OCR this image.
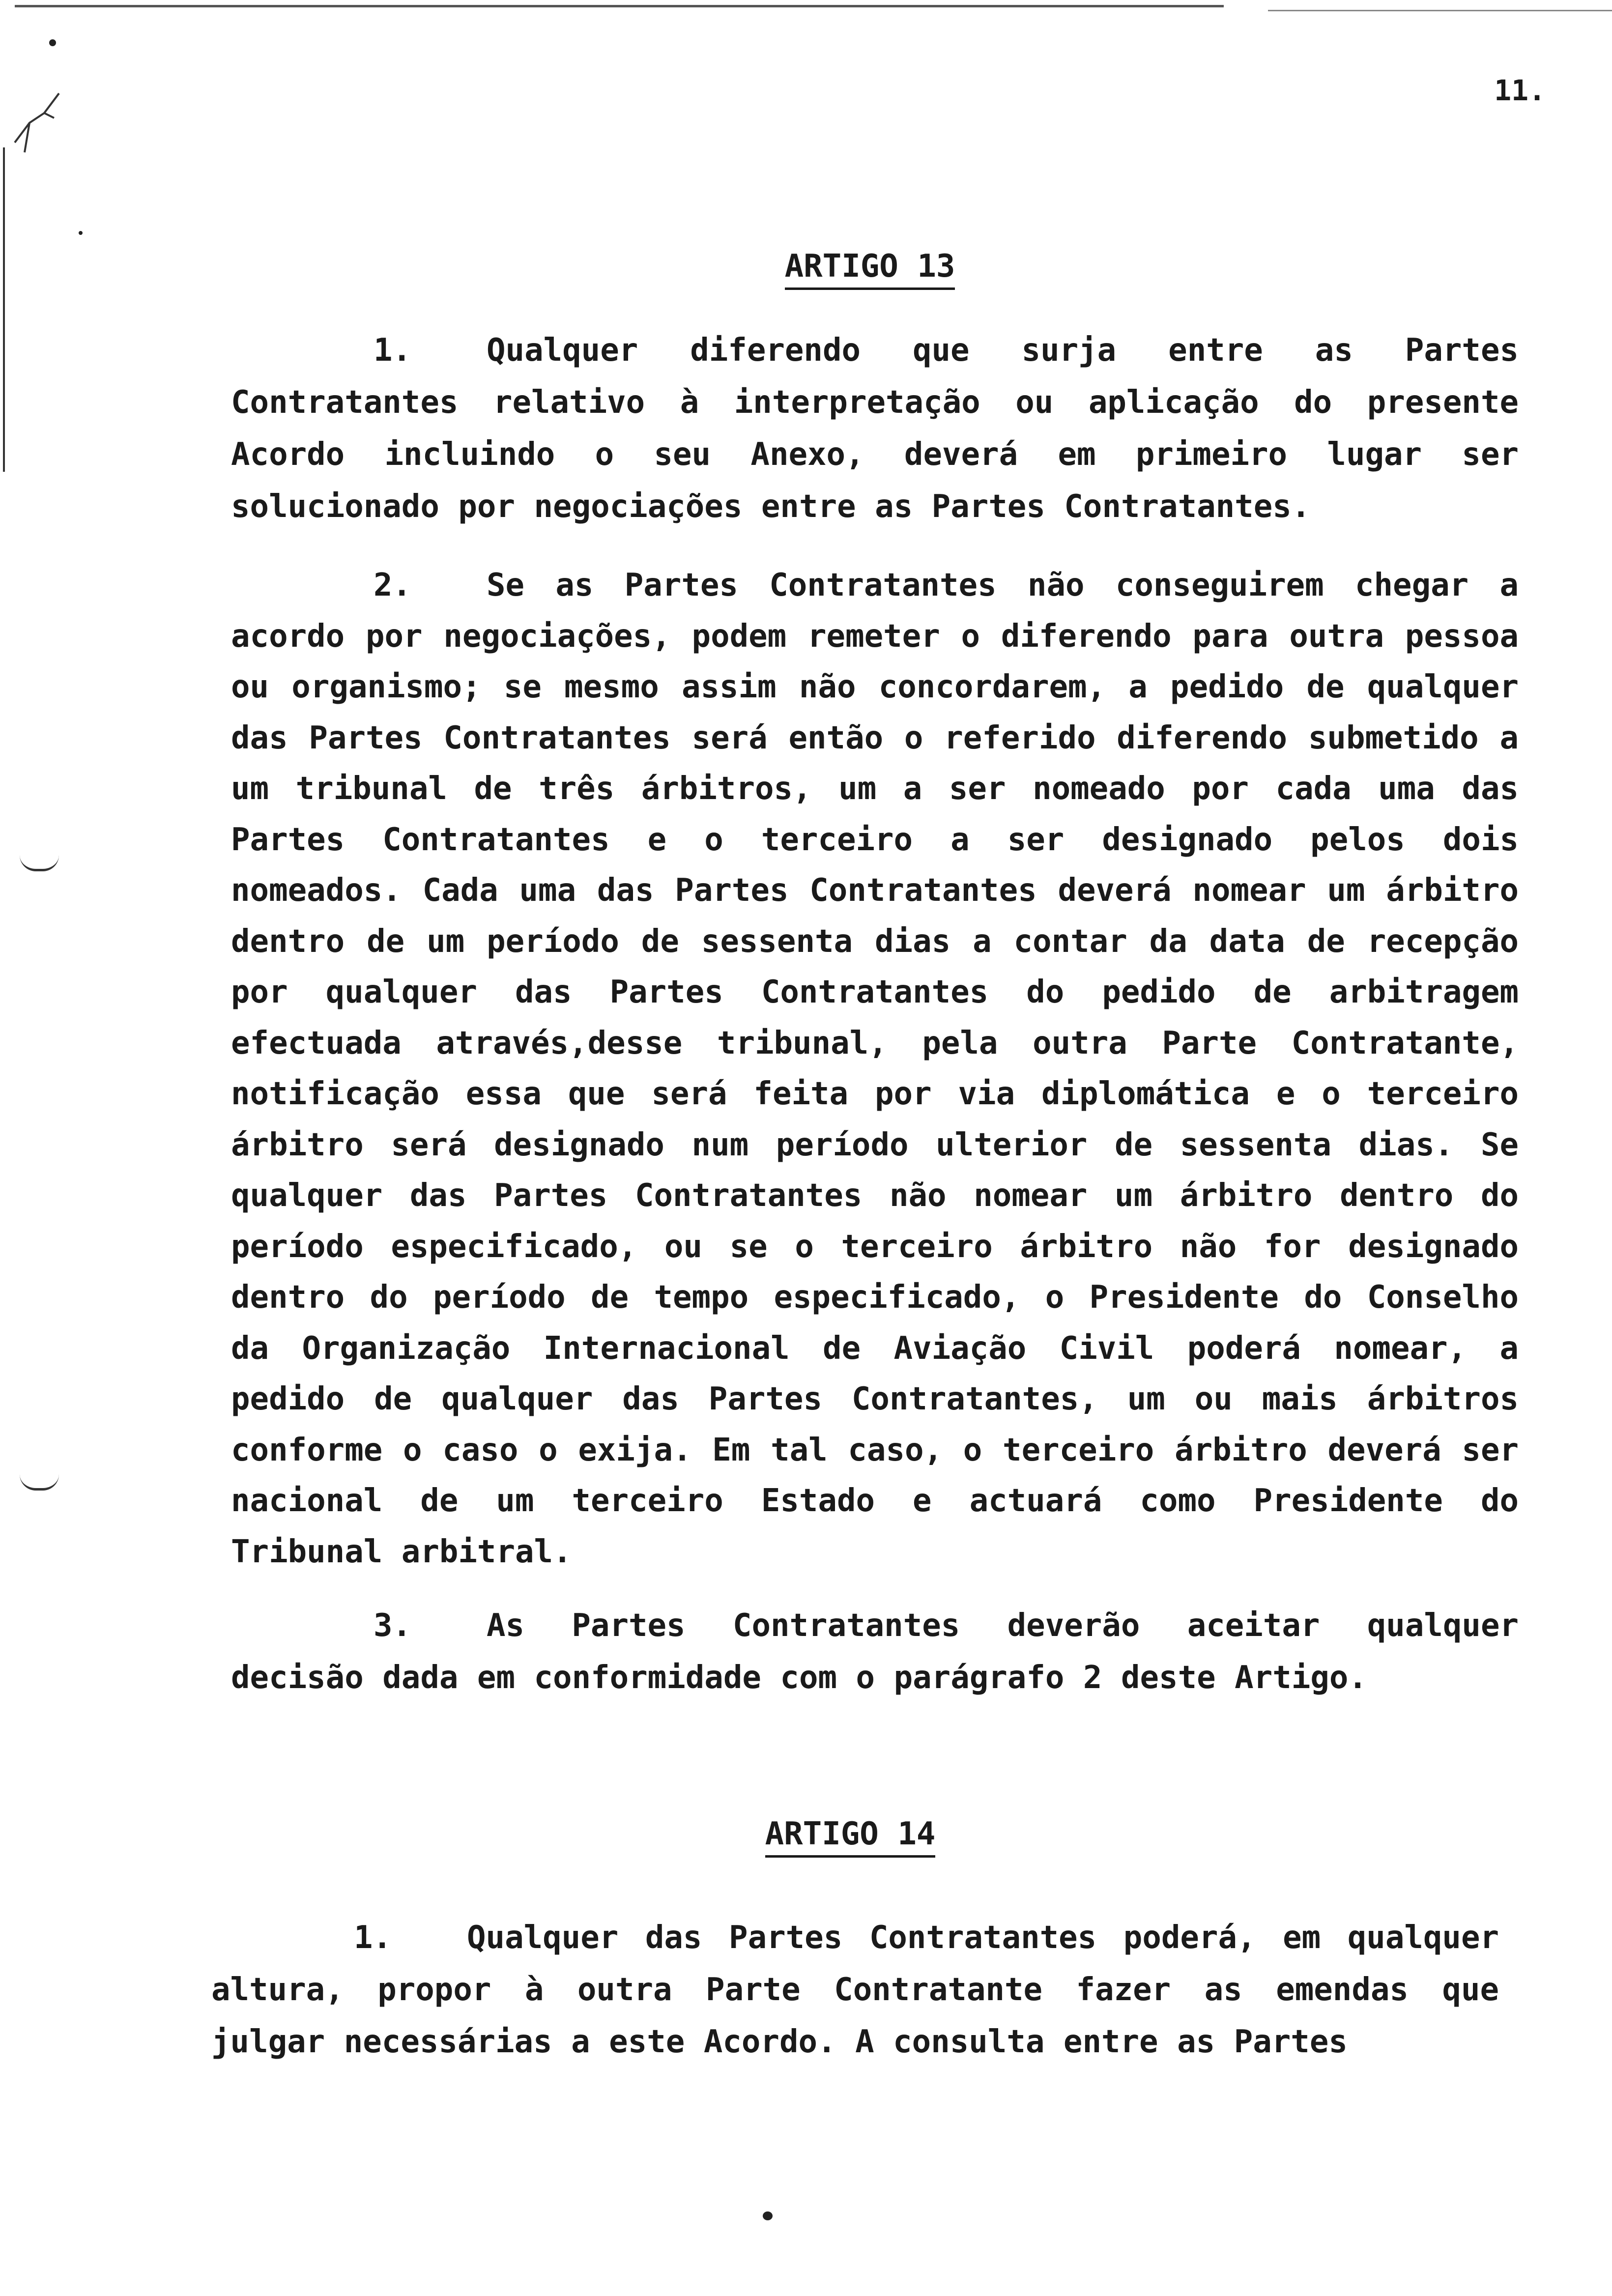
11.
ARTIGO 13

1. Qualquer diferendo que surja entre as Partes Contratantes relativo à interpretação ou aplicação do presente Acordo incluindo o seu Anexo, deverá em primeiro lugar ser solucionado por negociações entre as Partes Contratantes.

2. Se as Partes Contratantes não conseguirem chegar a acordo por negociações, podem remeter o diferendo para outra pessoa ou organismo; se mesmo assim não concordarem, a pedido de qualquer das Partes Contratantes será então o referido diferendo submetido a um tribunal de três árbitros, um a ser nomeado por cada uma das Partes Contratantes e o terceiro a ser designado pelos dois nomeados. Cada uma das Partes Contratantes deverá nomear um árbitro dentro de um período de sessenta dias a contar da data de recepção por qualquer das Partes Contratantes do pedido de arbitragem efectuada através,desse tribunal, pela outra Parte Contratante, notificação essa que será feita por via diplomática e o terceiro árbitro será designado num período ulterior de sessenta dias. Se qualquer das Partes Contratantes não nomear um árbitro dentro do período especificado, ou se o terceiro árbitro não for designado dentro do período de tempo especificado, o Presidente do Conselho da Organização Internacional de Aviação Civil poderá nomear, a pedido de qualquer das Partes Contratantes, um ou mais árbitros conforme o caso o exija. Em tal caso, o terceiro árbitro deverá ser nacional de um terceiro Estado e actuará como Presidente do Tribunal arbitral.

3. As Partes Contratantes deverão aceitar qualquer decisão dada em conformidade com o parágrafo 2 deste Artigo.

ARTIGO 14

1. Qualquer das Partes Contratantes poderá, em qualquer altura, propor à outra Parte Contratante fazer as emendas que julgar necessárias a este Acordo. A consulta entre as Partes
